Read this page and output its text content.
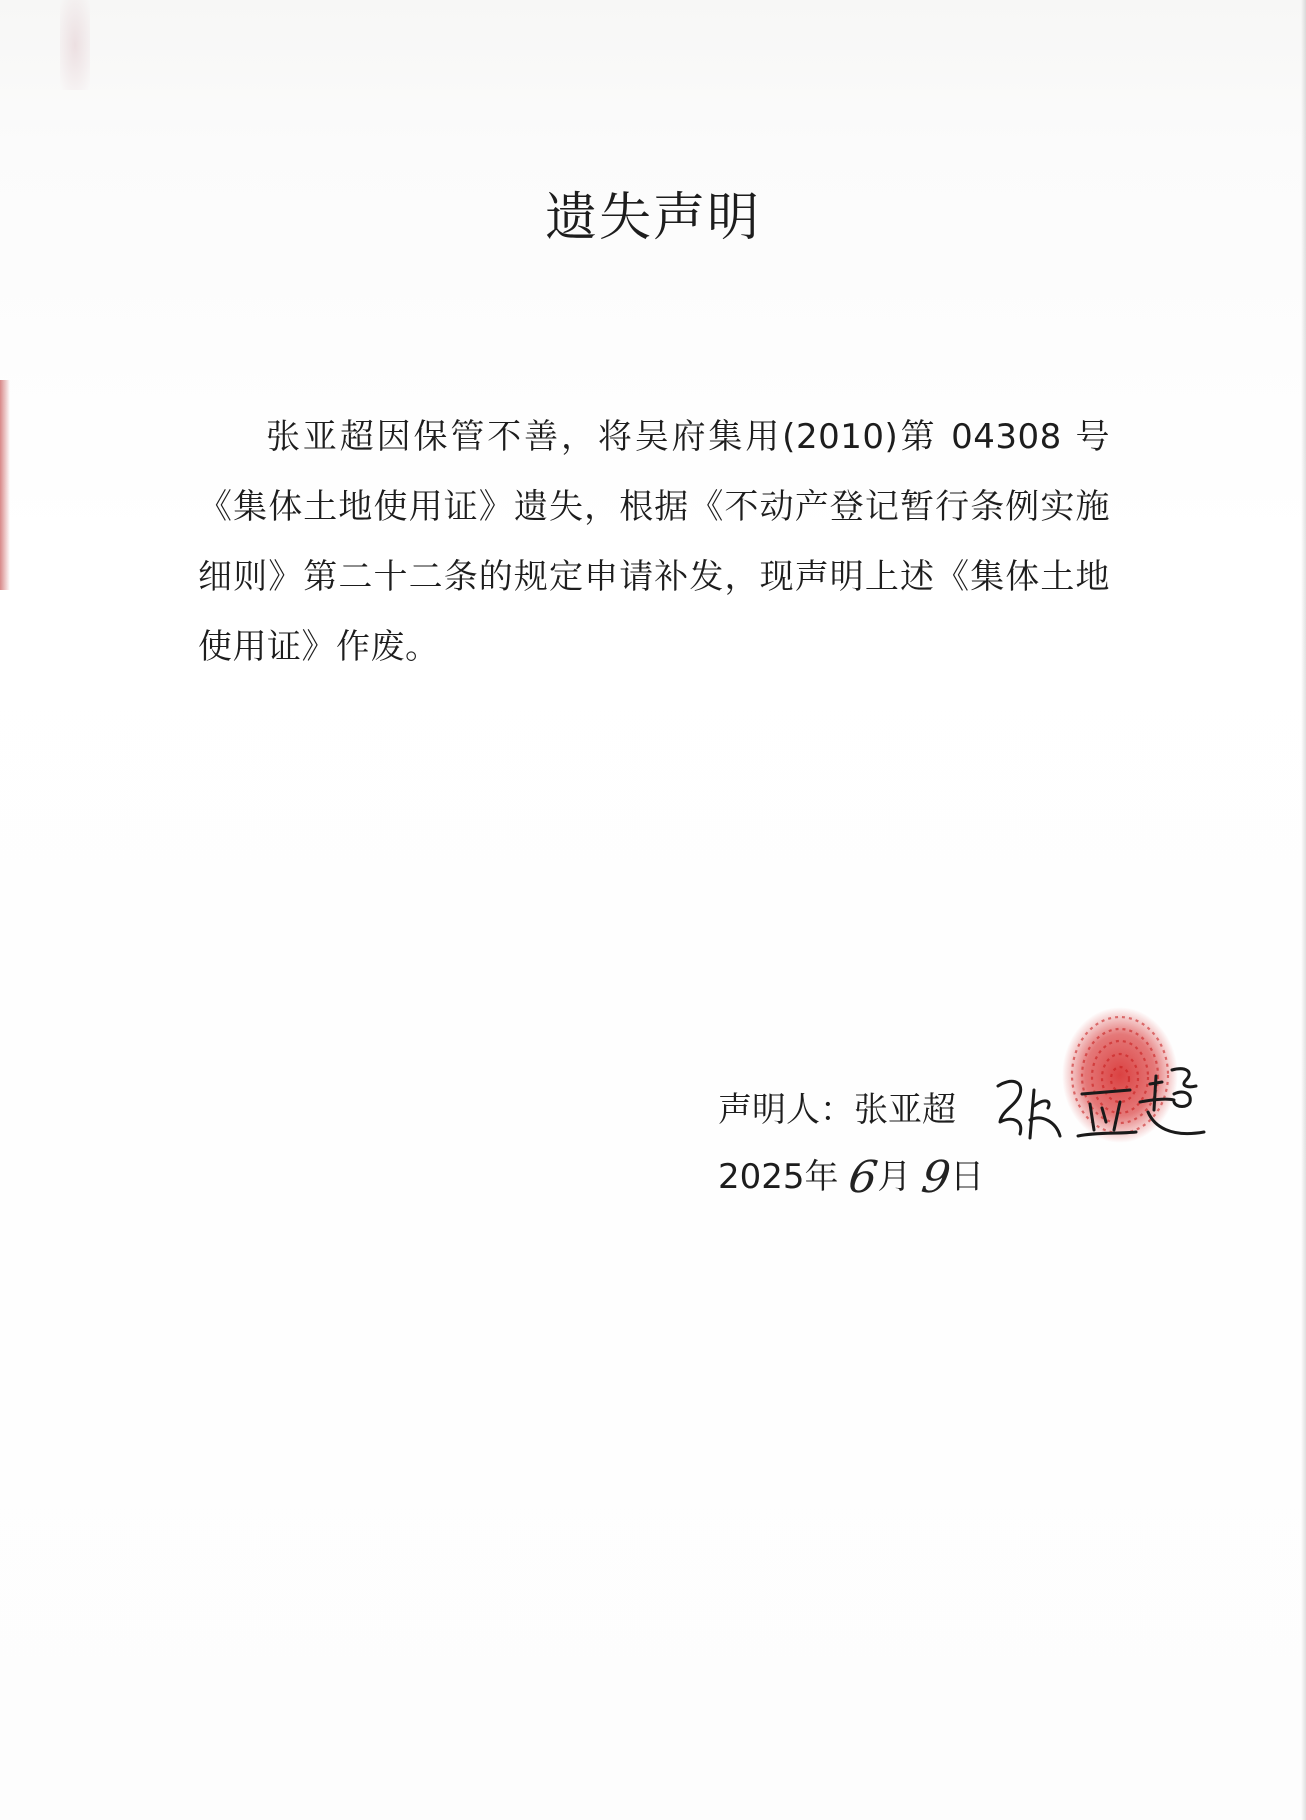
遗失声明

张亚超因保管不善，将吴府集用(2010)第 04308 号《集体土地使用证》遗失，根据《不动产登记暂行条例实施细则》第二十二条的规定申请补发，现声明上述《集体土地使用证》作废。

声明人：张亚超
2025年 6月 9日
